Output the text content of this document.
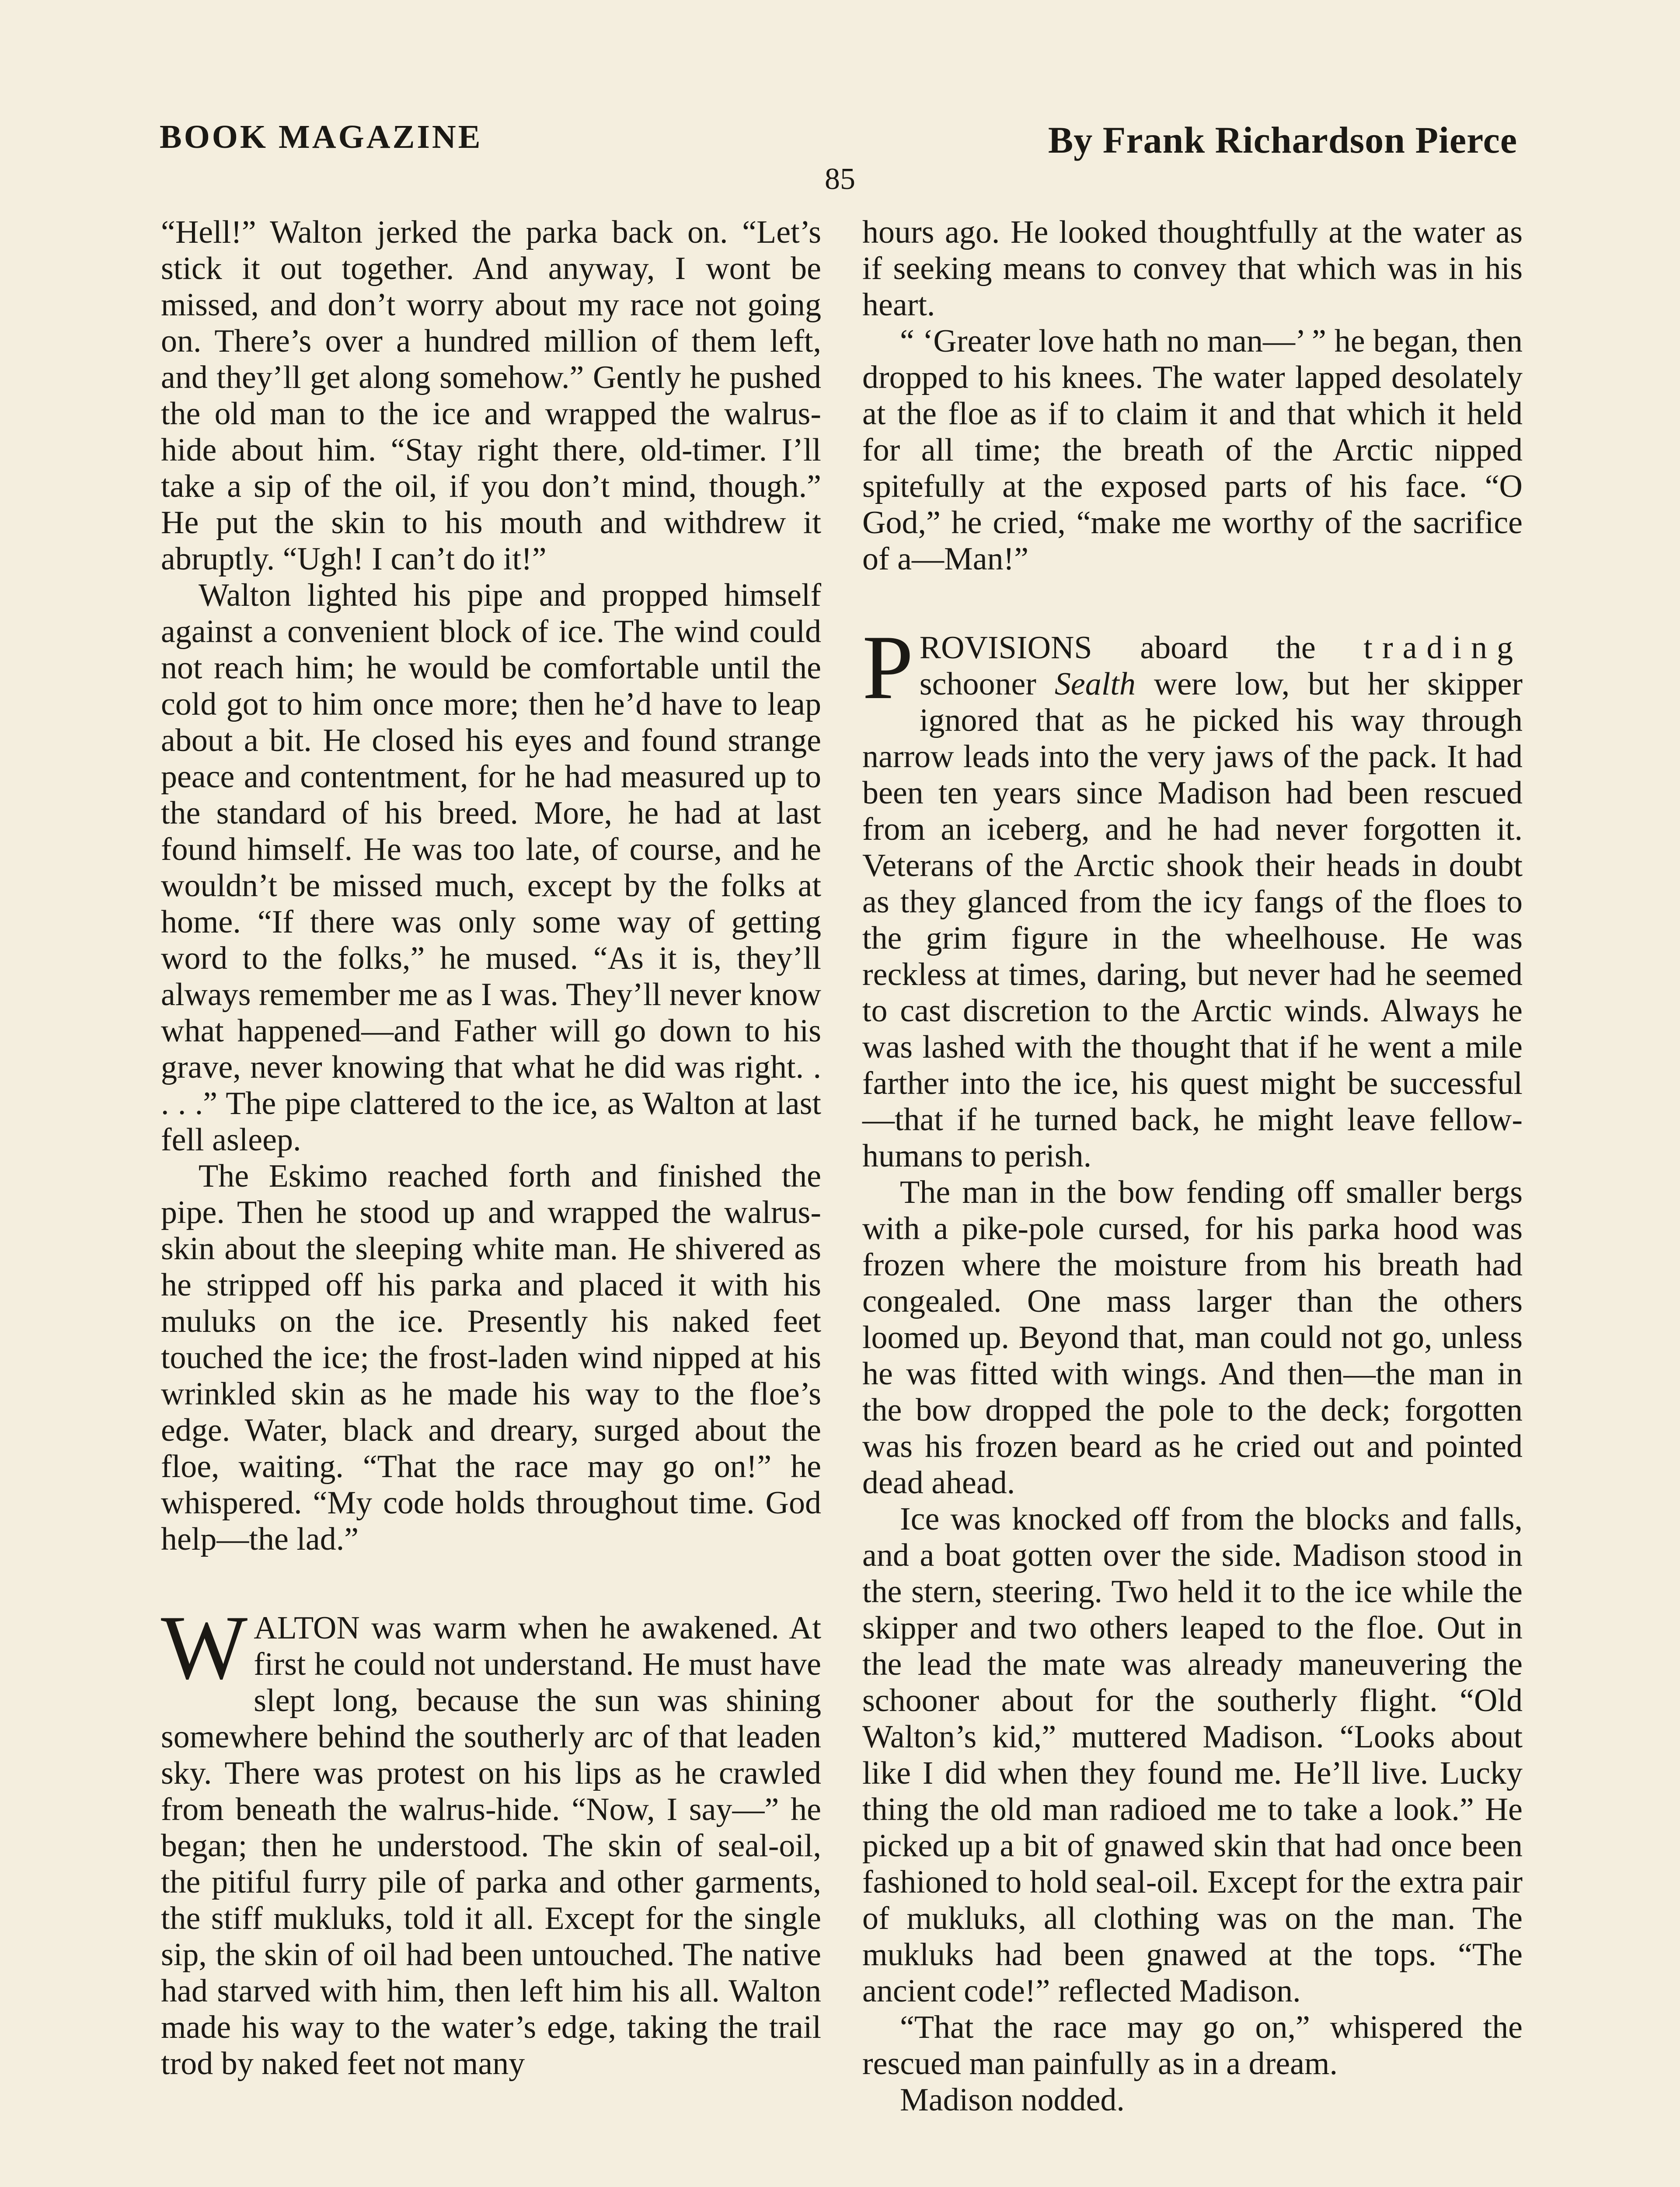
BOOK MAGAZINE	By Frank Richardson Pierce
85

“Hell!” Walton jerked the parka back on. “Let’s stick it out together. And anyway, I wont be missed, and don’t worry about my race not going on. There’s over a hundred million of them left, and they’ll get along somehow.” Gently he pushed the old man to the ice and wrapped the walrus-hide about him. “Stay right there, old-timer. I’ll take a sip of the oil, if you don’t mind, though.” He put the skin to his mouth and withdrew it abruptly. “Ugh! I can’t do it!”

Walton lighted his pipe and propped himself against a convenient block of ice. The wind could not reach him; he would be comfortable until the cold got to him once more; then he’d have to leap about a bit. He closed his eyes and found strange peace and contentment, for he had measured up to the standard of his breed. More, he had at last found himself. He was too late, of course, and he wouldn’t be missed much, except by the folks at home. “If there was only some way of getting word to the folks,” he mused. “As it is, they’ll always remember me as I was. They’ll never know what happened—and Father will go down to his grave, never knowing that what he did was right. . . . .” The pipe clattered to the ice, as Walton at last fell asleep.

The Eskimo reached forth and finished the pipe. Then he stood up and wrapped the walrus-skin about the sleeping white man. He shivered as he stripped off his parka and placed it with his muluks on the ice. Presently his naked feet touched the ice; the frost-laden wind nipped at his wrinkled skin as he made his way to the floe’s edge. Water, black and dreary, surged about the floe, waiting. “That the race may go on!” he whispered. “My code holds throughout time. God help—the lad.”

WALTON was warm when he awakened. At first he could not understand. He must have slept long, because the sun was shining somewhere behind the southerly arc of that leaden sky. There was protest on his lips as he crawled from beneath the walrus-hide. “Now, I say—” he began; then he understood. The skin of seal-oil, the pitiful furry pile of parka and other garments, the stiff mukluks, told it all. Except for the single sip, the skin of oil had been untouched. The native had starved with him, then left him his all. Walton made his way to the water’s edge, taking the trail trod by naked feet not many

hours ago. He looked thoughtfully at the water as if seeking means to convey that which was in his heart.

“ ‘Greater love hath no man—’ ” he began, then dropped to his knees. The water lapped desolately at the floe as if to claim it and that which it held for all time; the breath of the Arctic nipped spitefully at the exposed parts of his face. “O God,” he cried, “make me worthy of the sacrifice of a—Man!”

PROVISIONS aboard the trading schooner Sealth were low, but her skipper ignored that as he picked his way through narrow leads into the very jaws of the pack. It had been ten years since Madison had been rescued from an iceberg, and he had never forgotten it. Veterans of the Arctic shook their heads in doubt as they glanced from the icy fangs of the floes to the grim figure in the wheelhouse. He was reckless at times, daring, but never had he seemed to cast discretion to the Arctic winds. Always he was lashed with the thought that if he went a mile farther into the ice, his quest might be successful—that if he turned back, he might leave fellow-humans to perish.

The man in the bow fending off smaller bergs with a pike-pole cursed, for his parka hood was frozen where the moisture from his breath had congealed. One mass larger than the others loomed up. Beyond that, man could not go, unless he was fitted with wings. And then—the man in the bow dropped the pole to the deck; forgotten was his frozen beard as he cried out and pointed dead ahead.

Ice was knocked off from the blocks and falls, and a boat gotten over the side. Madison stood in the stern, steering. Two held it to the ice while the skipper and two others leaped to the floe. Out in the lead the mate was already maneuvering the schooner about for the southerly flight. “Old Walton’s kid,” muttered Madison. “Looks about like I did when they found me. He’ll live. Lucky thing the old man radioed me to take a look.” He picked up a bit of gnawed skin that had once been fashioned to hold seal-oil. Except for the extra pair of mukluks, all clothing was on the man. The mukluks had been gnawed at the tops. “The ancient code!” reflected Madison.

“That the race may go on,” whispered the rescued man painfully as in a dream.

Madison nodded.
